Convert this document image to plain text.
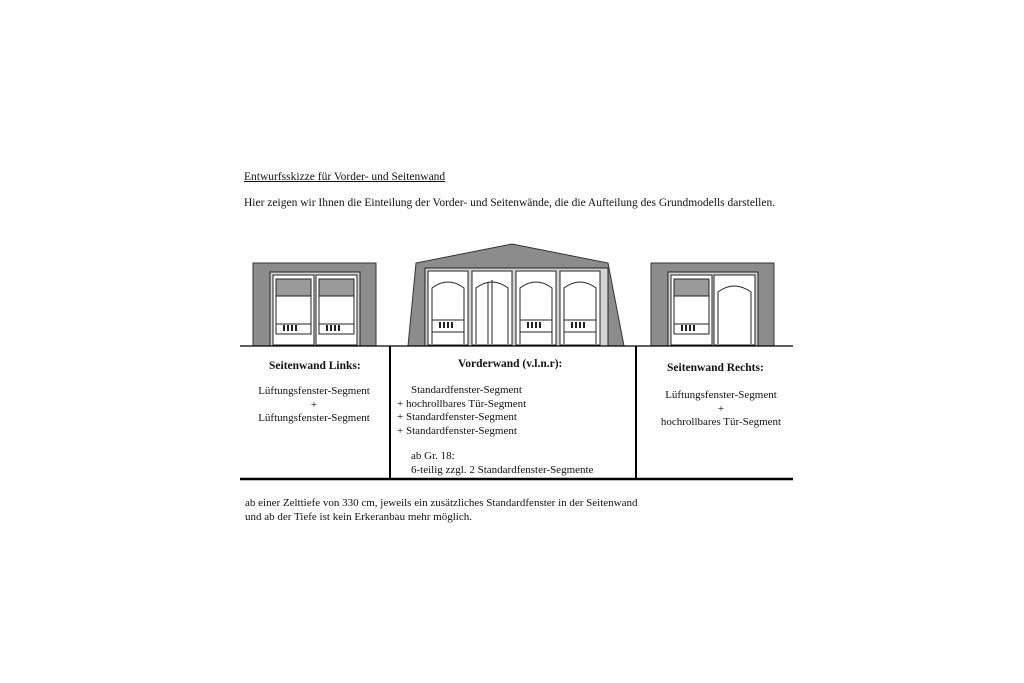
Entwurfsskizze für Vorder- und Seitenwand
Hier zeigen wir Ihnen die Einteilung der Vorder- und Seitenwände, die die Aufteilung des Grundmodells darstellen.
Seitenwand Links:
Lüftungsfenster-Segment
+
Lüftungsfenster-Segment
Vorderwand (v.l.n.r):
Standardfenster-Segment
+ hochrollbares Tür-Segment
+ Standardfenster-Segment
+ Standardfenster-Segment
ab Gr. 18:
6-teilig zzgl. 2 Standardfenster-Segmente
Seitenwand Rechts:
Lüftungsfenster-Segment
+
hochrollbares Tür-Segment
ab einer Zelttiefe von 330 cm, jeweils ein zusätzliches Standardfenster in der Seitenwand
und ab der Tiefe ist kein Erkeranbau mehr möglich.
